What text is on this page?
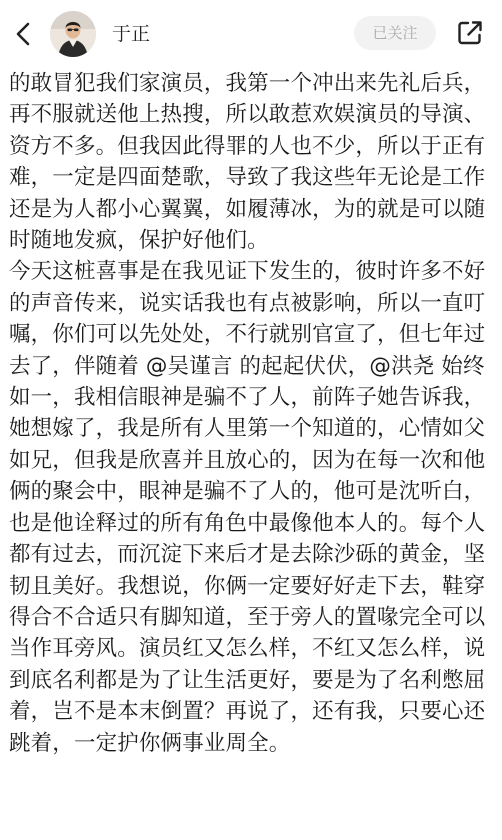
于正	已关注

的敢冒犯我们家演员，我第一个冲出来先礼后兵，再不服就送他上热搜，所以敢惹欢娱演员的导演、资方不多。但我因此得罪的人也不少，所以于正有难，一定是四面楚歌，导致了我这些年无论是工作还是为人都小心翼翼，如履薄冰，为的就是可以随时随地发疯，保护好他们。

今天这桩喜事是在我见证下发生的，彼时许多不好的声音传来，说实话我也有点被影响，所以一直叮嘱，你们可以先处处，不行就别官宣了，但七年过去了，伴随着 @吴谨言 的起起伏伏，@洪尧 始终如一，我相信眼神是骗不了人，前阵子她告诉我，她想嫁了，我是所有人里第一个知道的，心情如父如兄，但我是欣喜并且放心的，因为在每一次和他俩的聚会中，眼神是骗不了人的，他可是沈听白，也是他诠释过的所有角色中最像他本人的。每个人都有过去，而沉淀下来后才是去除沙砾的黄金，坚韧且美好。我想说，你俩一定要好好走下去，鞋穿得合不合适只有脚知道，至于旁人的置喙完全可以当作耳旁风。演员红又怎么样，不红又怎么样，说到底名利都是为了让生活更好，要是为了名利憋屈着，岂不是本末倒置？再说了，还有我，只要心还跳着，一定护你俩事业周全。
